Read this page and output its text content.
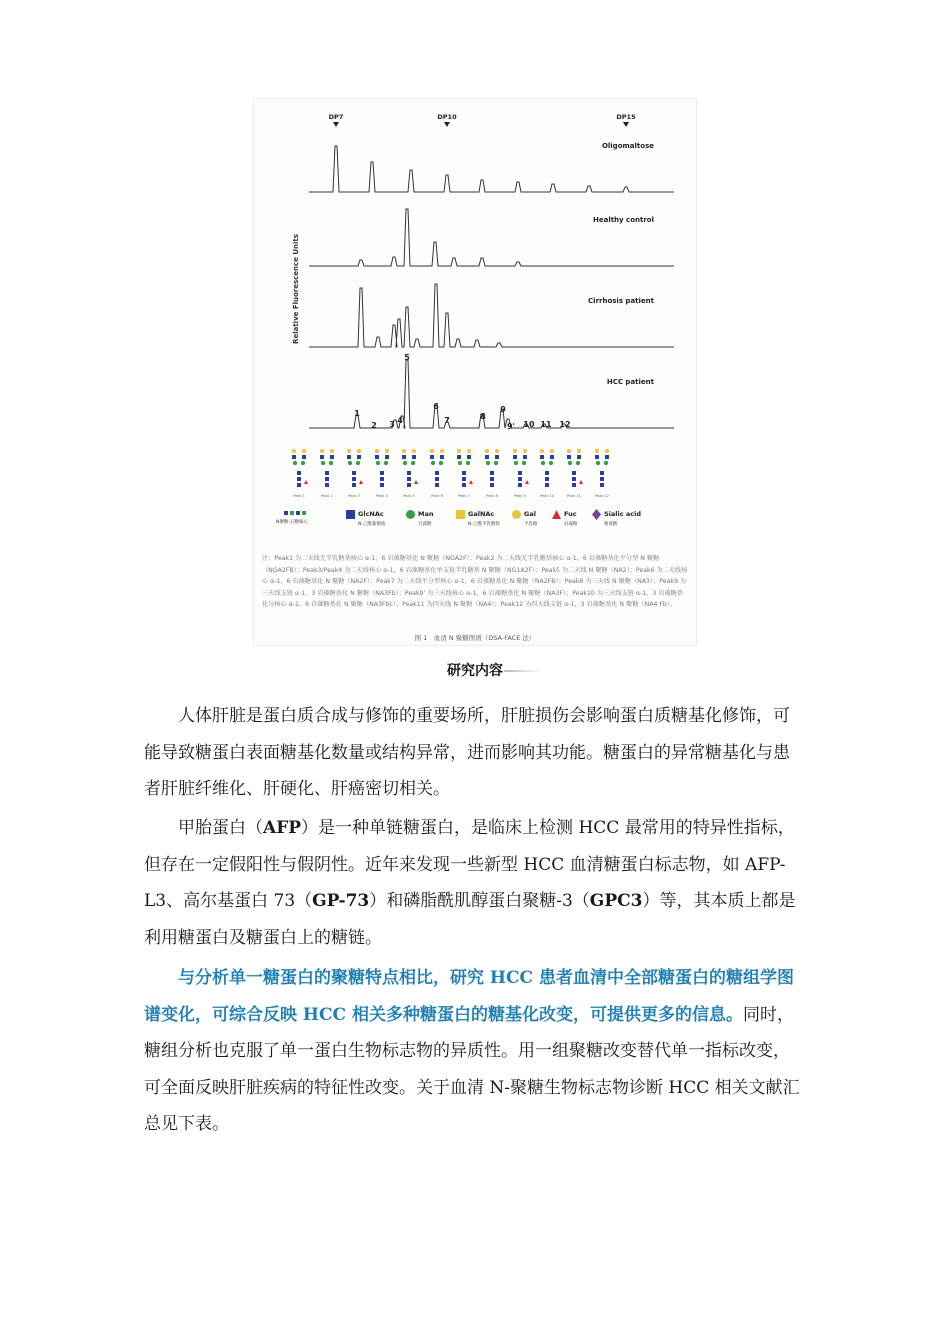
DP7	DP10	DP15
Relative Fluorescence Units
Oligomaltose
Healthy control
Cirrhosis patient
HCC patient
1
2 3 4
5
6
7	8
9
9' 10 11 12
Peak 1	Peak 2	Peak 3	Peak 4	Peak 5	Peak 6	Peak 7	Peak 8	Peak 9	Peak 10	Peak 11	Peak 12
N聚糖-五糖核心
GlcNAc
N-乙酰葡糖胺
Man
甘露糖
GalNAc
N-乙酰半乳糖胺
Gal
半乳糖
Fuc
岩藻糖
Sialic acid
唾液酸
注：Peak1 为二天线无半乳糖基核心 α-1，6 岩藻糖基化 N 聚糖（NGA2F）；Peak2 为二天线无半乳糖基核心 α-1，6 岩藻糖基化平分型 N 聚糖（NGA2FB）；Peak3/Peak4 为二天线核心 α-1，6 岩藻糖基化单支链半乳糖基 N 聚糖（NG1A2F）；Peak5 为二天线 N 聚糖（NA2）；Peak6 为二天线核心 α-1，6 岩藻糖基化 N 聚糖（NA2F）；Peak7 为二天线平分型核心 α-1，6 岩藻糖基化 N 聚糖（NA2FB）；Peak8 为三天线 N 聚糖（NA3）；Peak9 为三天线支链 α-1，3 岩藻糖基化 N 聚糖（NA3Fb）；Peak9' 为三天线核心 α-1，6 岩藻糖基化 N 聚糖（NA3F）；Peak10 为三天线支链 α-1，3 岩藻糖基化与核心 α-1，6 岩藻糖基化 N 聚糖（NA3Fbc）；Peak11 为四天线 N 聚糖（NA4）；Peak12 为四天线支链 α-1，3 岩藻糖基化 N 聚糖（NA4 Fb）。
图 1　血清 N 聚糖图谱（DSA-FACE 法）
研究内容

人体肝脏是蛋白质合成与修饰的重要场所，肝脏损伤会影响蛋白质糖基化修饰，可能导致糖蛋白表面糖基化数量或结构异常，进而影响其功能。糖蛋白的异常糖基化与患者肝脏纤维化、肝硬化、肝癌密切相关。

甲胎蛋白（AFP）是一种单链糖蛋白，是临床上检测 HCC 最常用的特异性指标，但存在一定假阳性与假阴性。近年来发现一些新型 HCC 血清糖蛋白标志物，如 AFP-L3、高尔基蛋白 73（GP-73）和磷脂酰肌醇蛋白聚糖-3（GPC3）等，其本质上都是利用糖蛋白及糖蛋白上的糖链。

与分析单一糖蛋白的聚糖特点相比，研究 HCC 患者血清中全部糖蛋白的糖组学图谱变化，可综合反映 HCC 相关多种糖蛋白的糖基化改变，可提供更多的信息。同时，糖组分析也克服了单一蛋白生物标志物的异质性。用一组聚糖改变替代单一指标改变，可全面反映肝脏疾病的特征性改变。关于血清 N-聚糖生物标志物诊断 HCC 相关文献汇总见下表。
